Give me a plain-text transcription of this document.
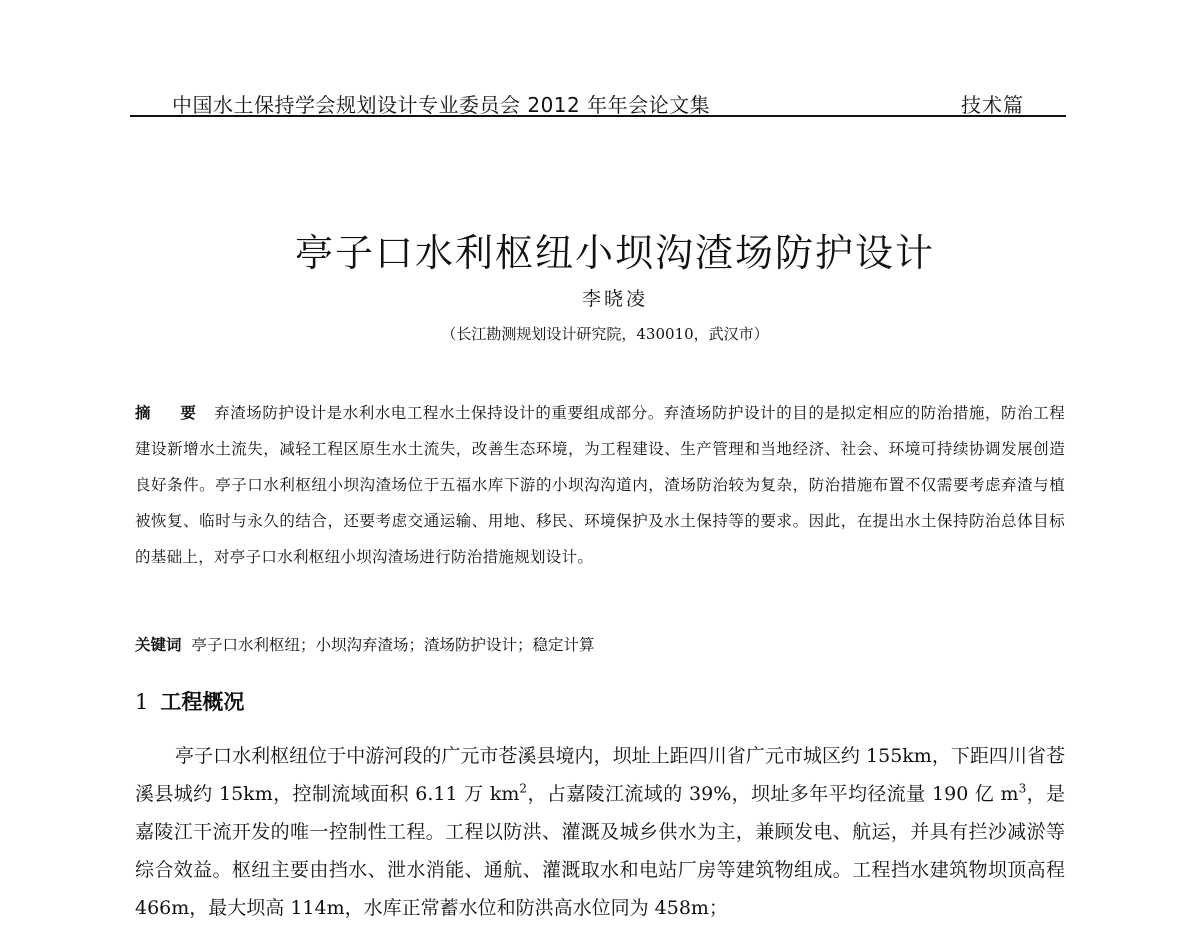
中国水土保持学会规划设计专业委员会 2012 年年会论文集	技术篇
亭子口水利枢纽小坝沟渣场防护设计
李晓凌
（长江勘测规划设计研究院，430010，武汉市）
摘 要 弃渣场防护设计是水利水电工程水土保持设计的重要组成部分。弃渣场防护设计的目的是拟定相应的防治措施，防治工程建设新增水土流失，减轻工程区原生水土流失，改善生态环境，为工程建设、生产管理和当地经济、社会、环境可持续协调发展创造良好条件。亭子口水利枢纽小坝沟渣场位于五福水库下游的小坝沟沟道内，渣场防治较为复杂，防治措施布置不仅需要考虑弃渣与植被恢复、临时与永久的结合，还要考虑交通运输、用地、移民、环境保护及水土保持等的要求。因此，在提出水土保持防治总体目标的基础上，对亭子口水利枢纽小坝沟渣场进行防治措施规划设计。
关键词 亭子口水利枢纽；小坝沟弃渣场；渣场防护设计；稳定计算
1 工程概况
亭子口水利枢纽位于中游河段的广元市苍溪县境内，坝址上距四川省广元市城区约 155km，下距四川省苍溪县城约 15km，控制流域面积 6.11 万 $km^2$，占嘉陵江流域的 39%，坝址多年平均径流量 190 亿 $m^3$，是嘉陵江干流开发的唯一控制性工程。工程以防洪、灌溉及城乡供水为主，兼顾发电、航运，并具有拦沙减淤等综合效益。枢纽主要由挡水、泄水消能、通航、灌溉取水和电站厂房等建筑物组成。工程挡水建筑物坝顶高程 466m，最大坝高 114m，水库正常蓄水位和防洪高水位同为 458m；
